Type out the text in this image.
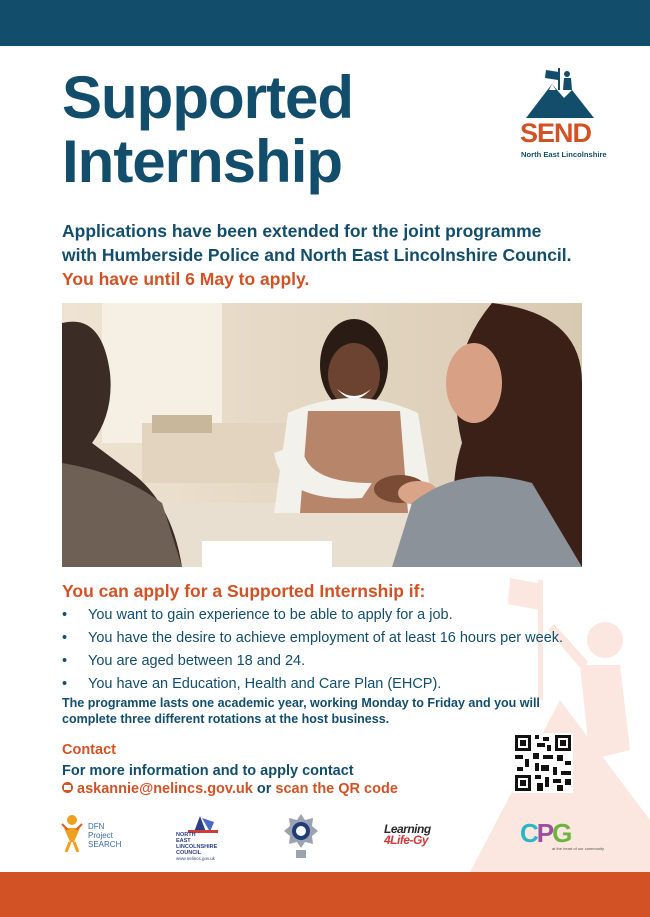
Supported
Internship	SEND
North East Lincolnshire
Applications have been extended for the joint programme
with Humberside Police and North East Lincolnshire Council.
You have until 6 May to apply.
You can apply for a Supported Internship if:
• You want to gain experience to be able to apply for a job.
• You have the desire to achieve employment of at least 16 hours per week.
• You are aged between 18 and 24.
• You have an Education, Health and Care Plan (EHCP).

The programme lasts one academic year, working Monday to Friday and you will
complete three different rotations at the host business.

Contact

For more information and to apply contact

askannie@nelincs.gov.uk or scan the QR code
DFN
Project
SEARCH
NORTH
EAST
LINCOLNSHIRE
COUNCIL
www.nelincs.gov.uk
Learning
4Life-Gy	CPG
at the heart of our community
